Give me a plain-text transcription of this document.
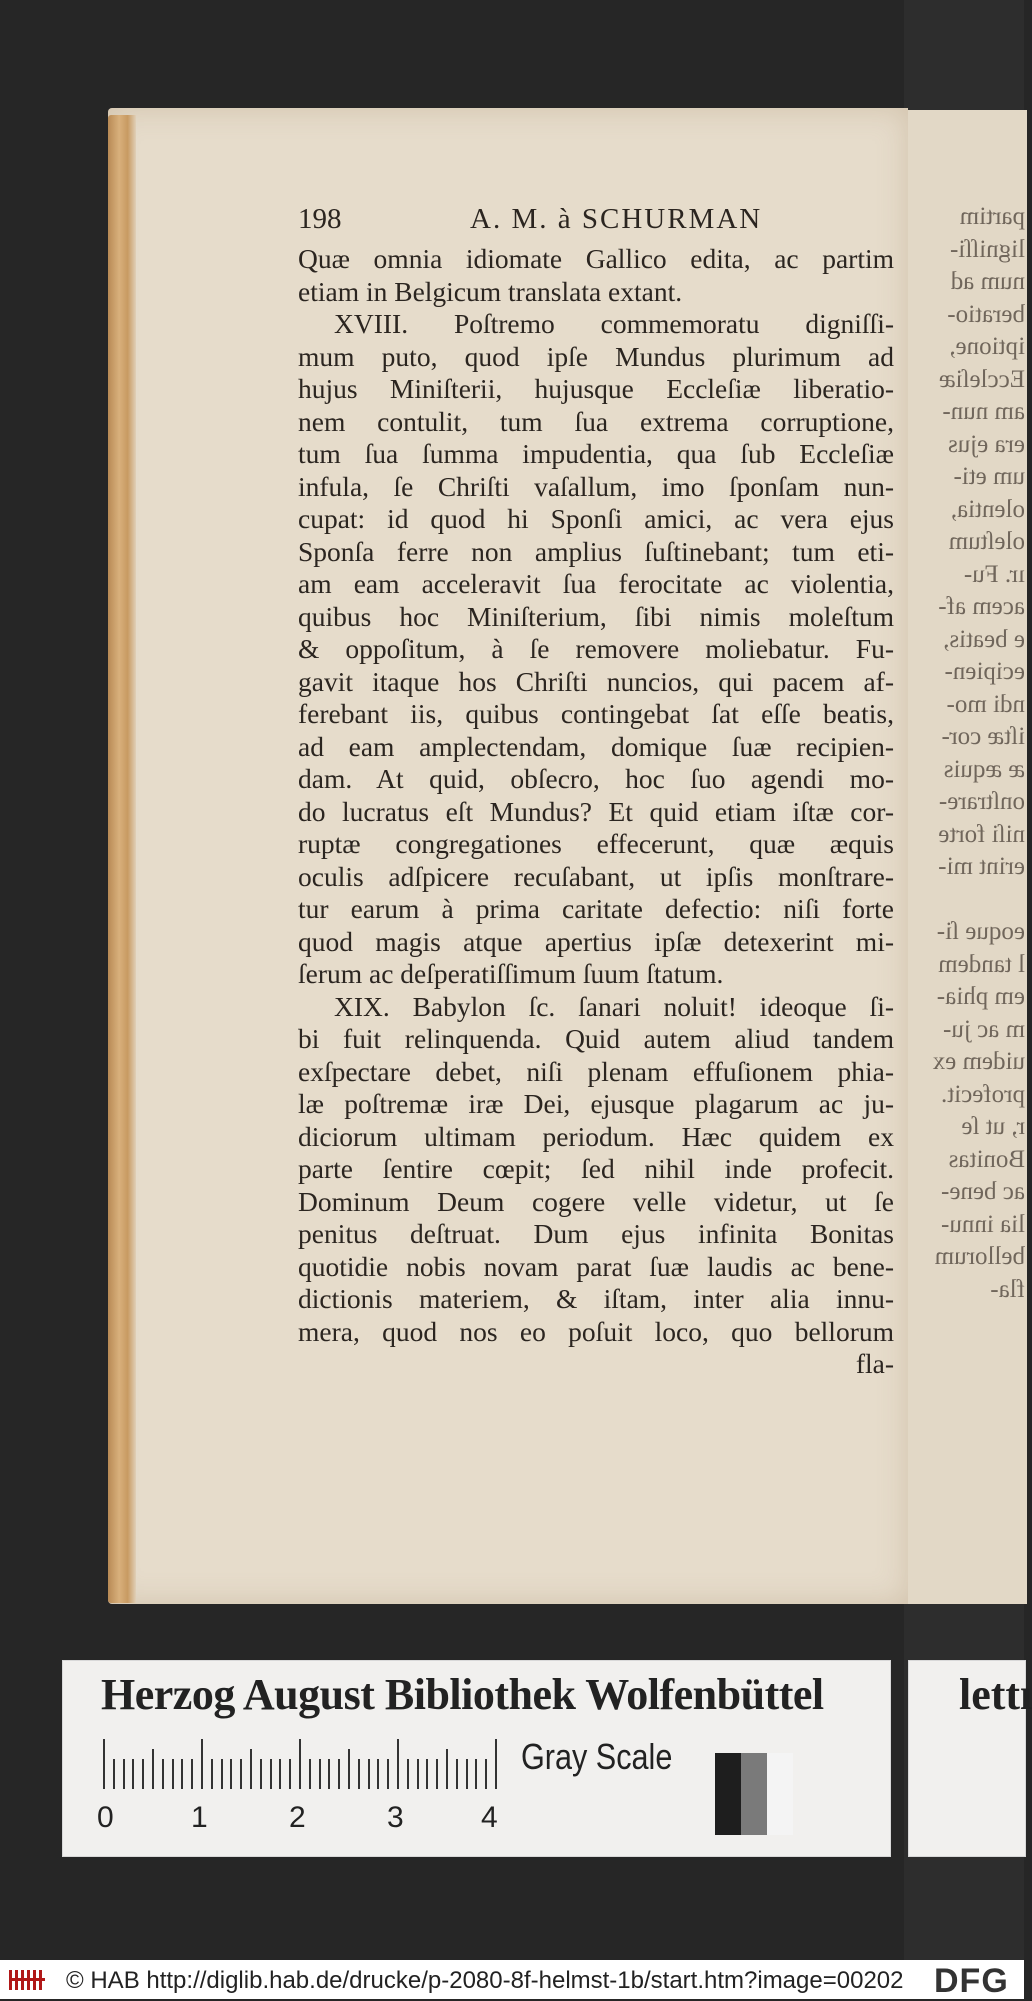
partim
ligniſſi-
num ad
beratio-
iptione,
Eccleſiæ
am nun-
era ejus
um eti-
olentia,
oleſtum
ır. Fu-
acem af-
e beatis,
ecipien-
ndi mo-
iſtæ cor-
æ æquis
onſtrare-
niſi forte
erint mi-
eoque ſi-
l tandem
em phia-
m ac ju-
uidem ex
profecit.
r, ut ſe
Bonitas
ac bene-
lia innu-
bellorum
fla-
198	A. M. à SCHURMAN
Quæ omnia idiomate Gallico edita, ac partim
etiam in Belgicum translata extant.
XVIII. Poſtremo commemoratu digniſſi-
mum puto, quod ipſe Mundus plurimum ad
hujus Miniſterii, hujusque Eccleſiæ liberatio-
nem contulit, tum ſua extrema corruptione,
tum ſua ſumma impudentia, qua ſub Eccleſiæ
infula, ſe Chriſti vaſallum, imo ſponſam nun-
cupat: id quod hi Sponſi amici, ac vera ejus
Sponſa ferre non amplius ſuſtinebant; tum eti-
am eam acceleravit ſua ferocitate ac violentia,
quibus hoc Miniſterium, ſibi nimis moleſtum
& oppoſitum, à ſe removere moliebatur. Fu-
gavit itaque hos Chriſti nuncios, qui pacem af-
ferebant iis, quibus contingebat ſat eſſe beatis,
ad eam amplectendam, domique ſuæ recipien-
dam. At quid, obſecro, hoc ſuo agendi mo-
do lucratus eſt Mundus? Et quid etiam iſtæ cor-
ruptæ congregationes effecerunt, quæ æquis
oculis adſpicere recuſabant, ut ipſis monſtrare-
tur earum à prima caritate defectio: niſi forte
quod magis atque apertius ipſæ detexerint mi-
ſerum ac deſperatiſſimum ſuum ſtatum.
XIX. Babylon ſc. ſanari noluit! ideoque ſi-
bi fuit relinquenda. Quid autem aliud tandem
exſpectare debet, niſi plenam effuſionem phia-
læ poſtremæ iræ Dei, ejusque plagarum ac ju-
diciorum ultimam periodum. Hæc quidem ex
parte ſentire cœpit; ſed nihil inde profecit.
Dominum Deum cogere velle videtur, ut ſe
penitus deſtruat. Dum ejus infinita Bonitas
quotidie nobis novam parat ſuæ laudis ac bene-
dictionis materiem, & iſtam, inter alia innu-
mera, quod nos eo poſuit loco, quo bellorum
fla-
Herzog August Bibliothek Wolfenbüttel
0	1	2	3	4
Gray Scale
lettı
© HAB http://diglib.hab.de/drucke/p-2080-8f-helmst-1b/start.htm?image=00202 DFG
